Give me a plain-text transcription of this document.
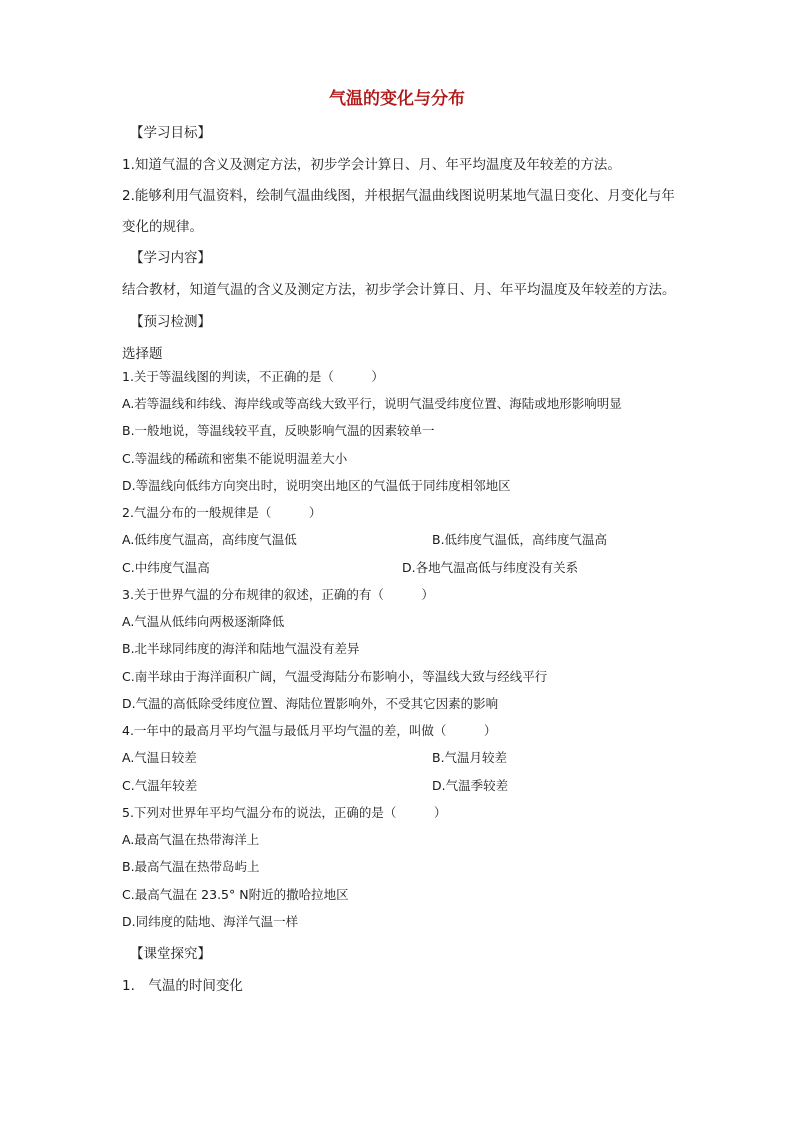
气温的变化与分布
【学习目标】
1.知道气温的含义及测定方法，初步学会计算日、月、年平均温度及年较差的方法。
2.能够利用气温资料，绘制气温曲线图，并根据气温曲线图说明某地气温日变化、月变化与年
变化的规律。
【学习内容】
结合教材，知道气温的含义及测定方法，初步学会计算日、月、年平均温度及年较差的方法。
【预习检测】
选择题
1.关于等温线图的判读，不正确的是（　　　）
A.若等温线和纬线、海岸线或等高线大致平行，说明气温受纬度位置、海陆或地形影响明显
B.一般地说，等温线较平直，反映影响气温的因素较单一
C.等温线的稀疏和密集不能说明温差大小
D.等温线向低纬方向突出时，说明突出地区的气温低于同纬度相邻地区
2.气温分布的一般规律是（　　　）
A.低纬度气温高，高纬度气温低	B.低纬度气温低，高纬度气温高
C.中纬度气温高	D.各地气温高低与纬度没有关系
3.关于世界气温的分布规律的叙述，正确的有（　　　）
A.气温从低纬向两极逐渐降低
B.北半球同纬度的海洋和陆地气温没有差异
C.南半球由于海洋面积广阔，气温受海陆分布影响小，等温线大致与经线平行
D.气温的高低除受纬度位置、海陆位置影响外，不受其它因素的影响
4.一年中的最高月平均气温与最低月平均气温的差，叫做（　　　）
A.气温日较差	B.气温月较差
C.气温年较差	D.气温季较差
5.下列对世界年平均气温分布的说法，正确的是（　　　）
A.最高气温在热带海洋上
B.最高气温在热带岛屿上
C.最高气温在 23.5° N附近的撒哈拉地区
D.同纬度的陆地、海洋气温一样
【课堂探究】
1.　气温的时间变化
